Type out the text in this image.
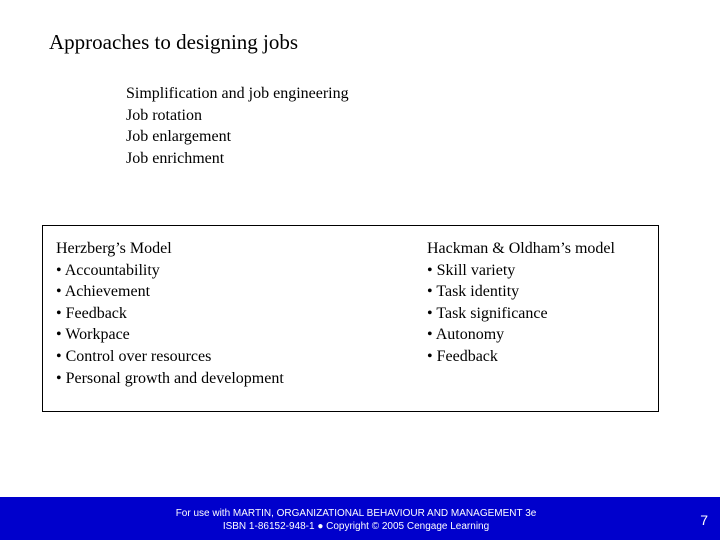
Approaches to designing jobs
Simplification and job engineering
Job rotation
Job enlargement
Job enrichment
Herzberg’s Model
• Accountability
• Achievement
• Feedback
• Workpace
• Control over resources
• Personal growth and development
Hackman & Oldham’s model
• Skill variety
• Task identity
• Task significance
• Autonomy
• Feedback
For use with MARTIN, ORGANIZATIONAL BEHAVIOUR AND MANAGEMENT 3e
ISBN 1-86152-948-1 ● Copyright © 2005 Cengage Learning	7
